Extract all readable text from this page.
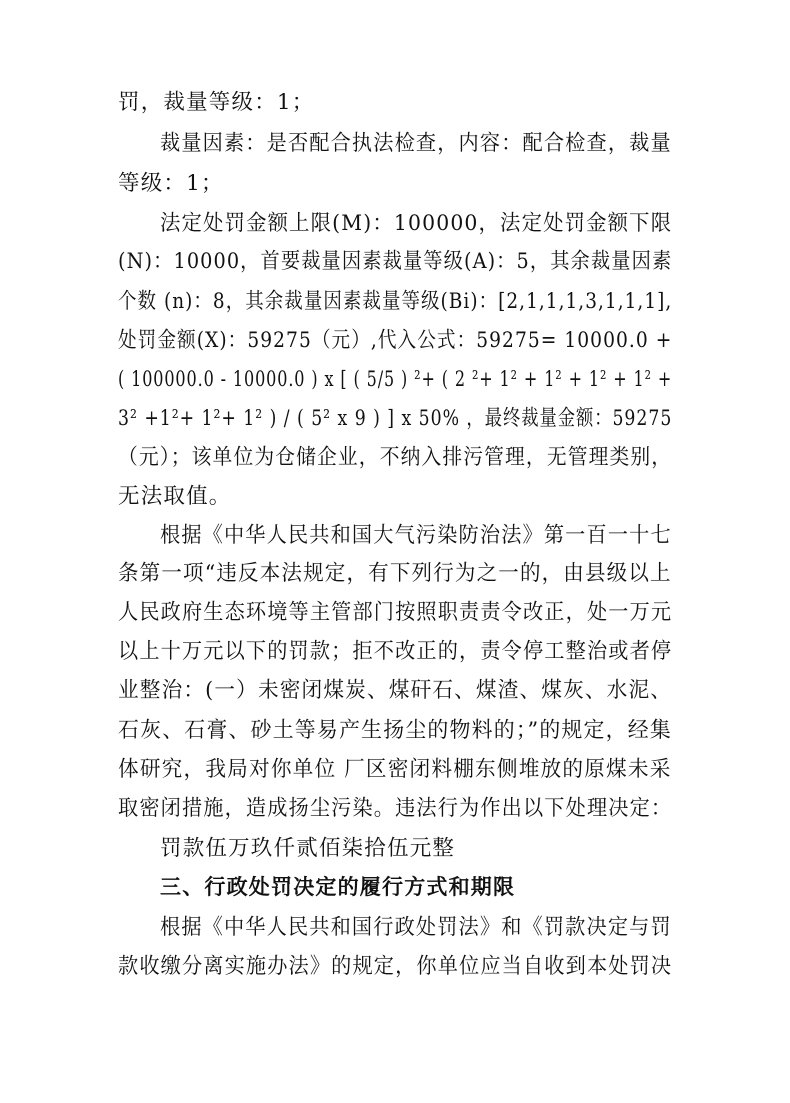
罚，裁量等级：1；
裁量因素：是否配合执法检查，内容：配合检查，裁量
等级：1；
法定处罚金额上限(M)：100000，法定处罚金额下限
(N)：10000，首要裁量因素裁量等级(A)：5，其余裁量因素
个数 (n)：8，其余裁量因素裁量等级(Bi)：[2,1,1,1,3,1,1,1],
处罚金额(X)：59275（元）,代入公式：59275= 10000.0 +
( 100000.0 - 10000.0 ) x [ ( 5/5 ) ²+ ( 2 ²+ 1² + 1² + 1² + 1² +
3² +1²+ 1²+ 1² ) / ( 5² x 9 ) ] x 50% ，最终裁量金额：59275
（元）；该单位为仓储企业，不纳入排污管理，无管理类别，
无法取值。
根据《中华人民共和国大气污染防治法》第一百一十七
条第一项“违反本法规定，有下列行为之一的，由县级以上
人民政府生态环境等主管部门按照职责责令改正，处一万元
以上十万元以下的罚款；拒不改正的，责令停工整治或者停
业整治：(一）未密闭煤炭、煤矸石、煤渣、煤灰、水泥、
石灰、石膏、砂土等易产生扬尘的物料的；”的规定，经集
体研究，我局对你单位 厂区密闭料棚东侧堆放的原煤未采
取密闭措施，造成扬尘污染。违法行为作出以下处理决定：
罚款伍万玖仟贰佰柒拾伍元整
三、行政处罚决定的履行方式和期限
根据《中华人民共和国行政处罚法》和《罚款决定与罚
款收缴分离实施办法》的规定，你单位应当自收到本处罚决
